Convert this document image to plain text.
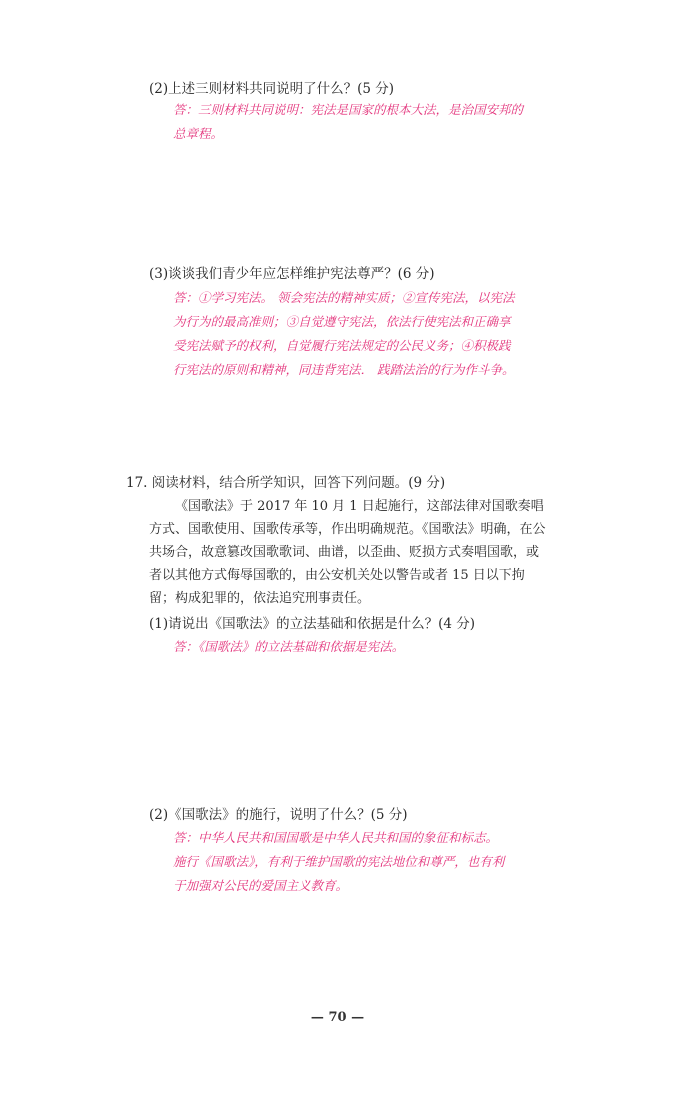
(2)上述三则材料共同说明了什么？(5 分)

答：三则材料共同说明：宪法是国家的根本大法，是治国安邦的
总章程。

(3)谈谈我们青少年应怎样维护宪法尊严？(6 分)

答：①学习宪法。 领会宪法的精神实质；②宣传宪法，以宪法
为行为的最高准则；③自觉遵守宪法，依法行使宪法和正确享
受宪法赋予的权利，自觉履行宪法规定的公民义务；④积极践
行宪法的原则和精神，同违背宪法． 践踏法治的行为作斗争。

17. 阅读材料，结合所学知识，回答下列问题。(9 分)

《国歌法》于 2017 年 10 月 1 日起施行，这部法律对国歌奏唱
方式、国歌使用、国歌传承等，作出明确规范。《国歌法》明确，在公
共场合，故意篡改国歌歌词、曲谱，以歪曲、贬损方式奏唱国歌，或
者以其他方式侮辱国歌的，由公安机关处以警告或者 15 日以下拘
留；构成犯罪的，依法追究刑事责任。

(1)请说出《国歌法》的立法基础和依据是什么？(4 分)

答：《国歌法》的立法基础和依据是宪法。

(2)《国歌法》的施行，说明了什么？(5 分)

答：中华人民共和国国歌是中华人民共和国的象征和标志。
施行《国歌法》，有利于维护国歌的宪法地位和尊严，也有利
于加强对公民的爱国主义教育。

— 70 —
